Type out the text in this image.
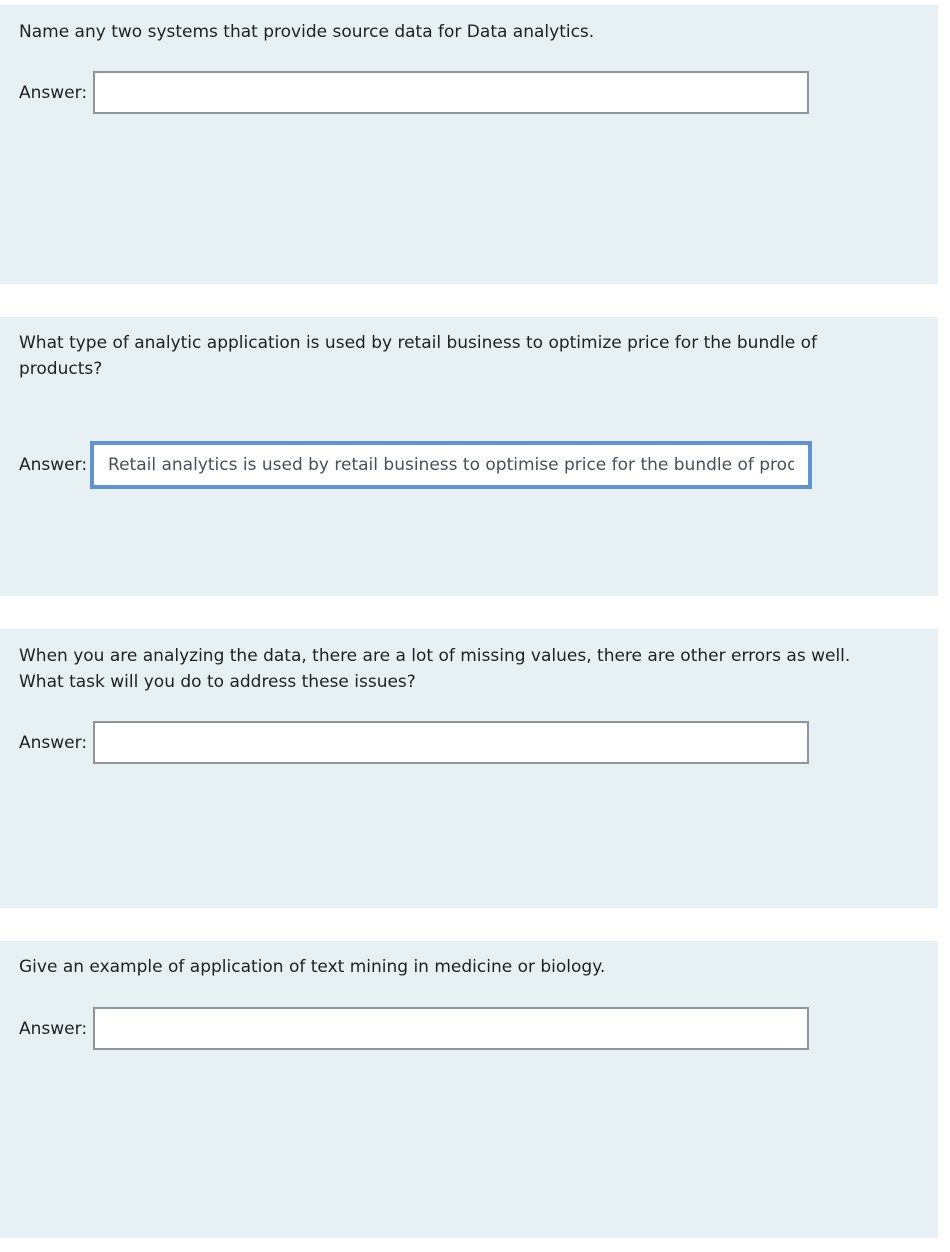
Name any two systems that provide source data for Data analytics.

Answer:

What type of analytic application is used by retail business to optimize price for the bundle of products?

Answer:
Retail analytics is used by retail business to optimise price for the bundle of products

When you are analyzing the data, there are a lot of missing values, there are other errors as well. What task will you do to address these issues?

Answer:

Give an example of application of text mining in medicine or biology.

Answer:
